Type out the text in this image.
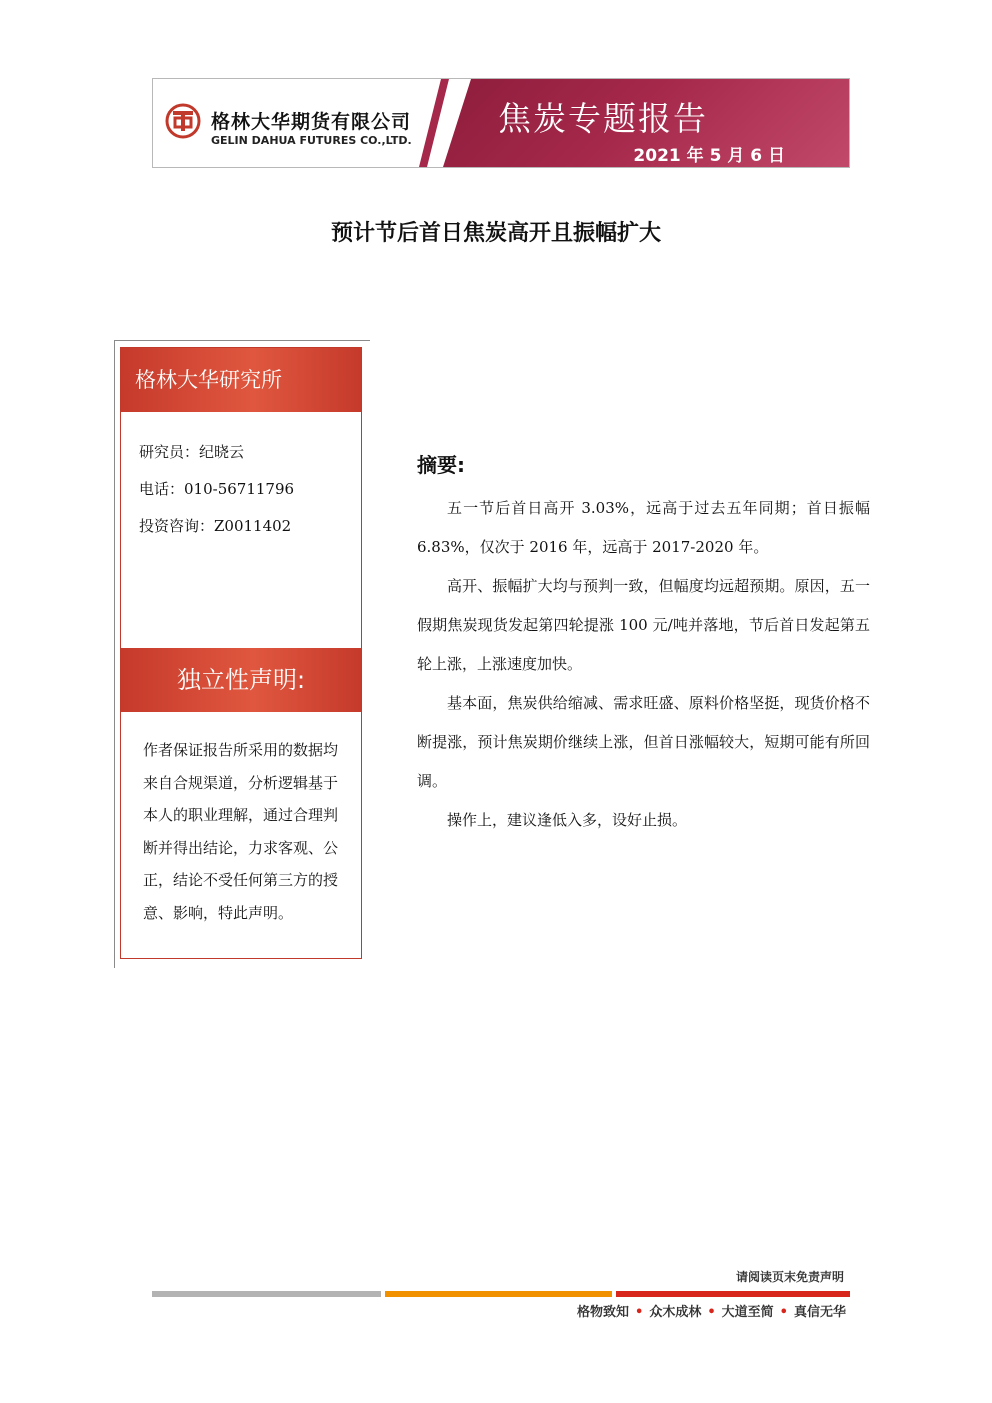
格林大华期货有限公司
GELIN DAHUA FUTURES CO.,LTD.
焦炭专题报告
2021 年 5 月 6 日
预计节后首日焦炭高开且振幅扩大
格林大华研究所
研究员：纪晓云
电话：010-56711796
投资咨询：Z0011402
独立性声明:
作者保证报告所采用的数据均来自合规渠道，分析逻辑基于本人的职业理解，通过合理判断并得出结论，力求客观、公正，结论不受任何第三方的授意、影响，特此声明。
摘要:

五一节后首日高开 3.03%，远高于过去五年同期；首日振幅 6.83%，仅次于 2016 年，远高于 2017-2020 年。

高开、振幅扩大均与预判一致，但幅度均远超预期。原因，五一假期焦炭现货发起第四轮提涨 100 元/吨并落地，节后首日发起第五轮上涨，上涨速度加快。

基本面，焦炭供给缩减、需求旺盛、原料价格坚挺，现货价格不断提涨，预计焦炭期价继续上涨，但首日涨幅较大，短期可能有所回调。

操作上，建议逢低入多，设好止损。

请阅读页末免责声明
格物致知 • 众木成林 • 大道至简 • 真信无华
